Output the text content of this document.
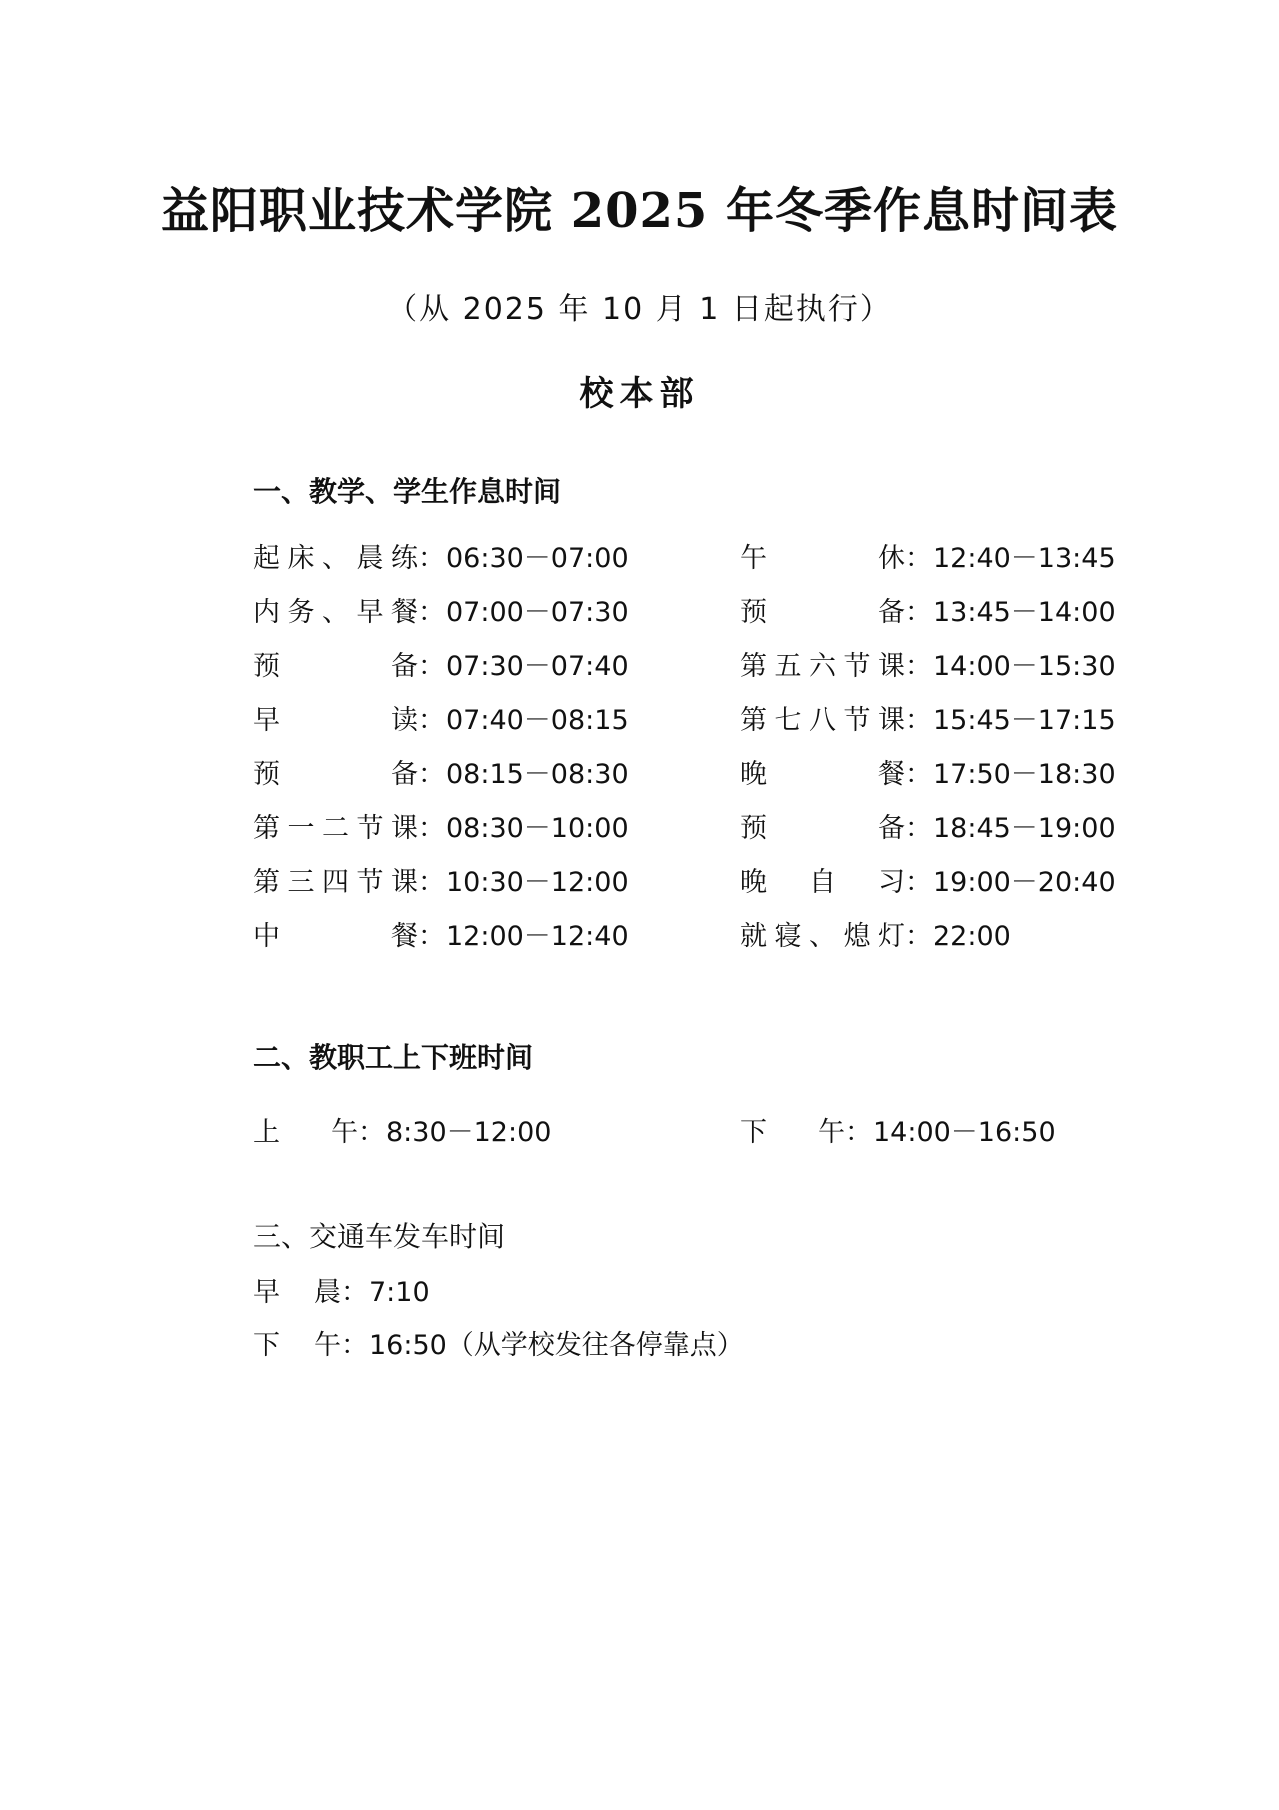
益阳职业技术学院 2025 年冬季作息时间表
（从 2025 年 10 月 1 日起执行）
校本部
一、教学、学生作息时间
起床、晨练 ： 06:30－07:00
内务、早餐 ： 07:00－07:30
预备 ： 07:30－07:40
早读 ： 07:40－08:15
预备 ： 08:15－08:30
第一二节课 ： 08:30－10:00
第三四节课 ： 10:30－12:00
中餐 ： 12:00－12:40
午休 ： 12:40－13:45
预备 ： 13:45－14:00
第五六节课 ： 14:00－15:30
第七八节课 ： 15:45－17:15
晚餐 ： 17:50－18:30
预备 ： 18:45－19:00
晚自习 ： 19:00－20:40
就寝、熄灯 ： 22:00
二、教职工上下班时间
上午 ： 8:30－12:00	下午 ： 14:00－16:50
三、交通车发车时间
早晨 ： 7:10
下午 ： 16:50（从学校发往各停靠点）
